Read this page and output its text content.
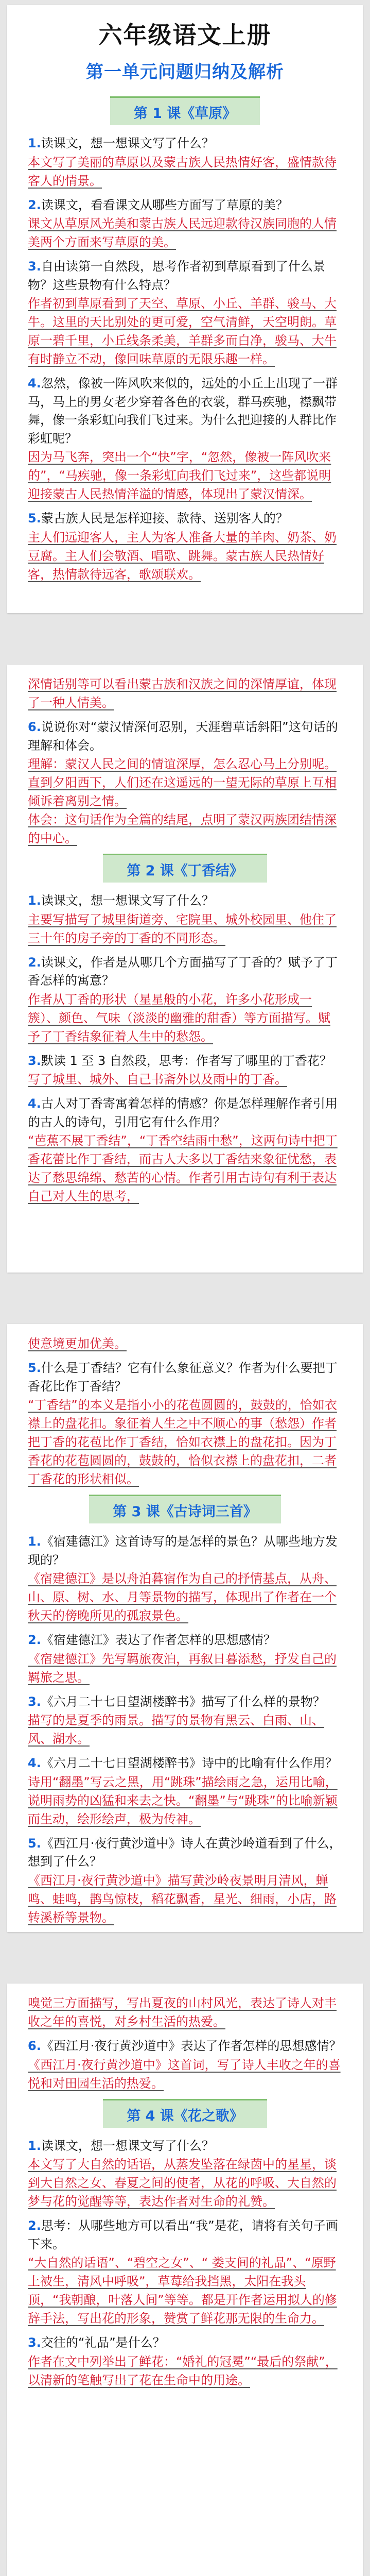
六年级语文上册
第一单元问题归纳及解析
第 1 课《草原》

1.读课文，想一想课文写了什么？

本文写了美丽的草原以及蒙古族人民热情好客，盛情款待客人的情景。

2.读课文，看看课文从哪些方面写了草原的美？

课文从草原风光美和蒙古族人民远迎款待汉族同胞的人情美两个方面来写草原的美。

3.自由读第一自然段，思考作者初到草原看到了什么景物？这些景物有什么特点？

作者初到草原看到了天空、草原、小丘、羊群、骏马、大牛。这里的天比别处的更可爱，空气清鲜，天空明朗。草原一碧千里，小丘线条柔美，羊群多而白净，骏马、大牛有时静立不动，像回味草原的无限乐趣一样。

4.忽然，像被一阵风吹来似的，远处的小丘上出现了一群马，马上的男女老少穿着各色的衣裳，群马疾驰，襟飘带舞，像一条彩虹向我们飞过来。为什么把迎接的人群比作彩虹呢？

因为马飞奔，突出一个“快”字，“忽然，像被一阵风吹来的”，“马疾驰，像一条彩虹向我们飞过来”，这些都说明迎接蒙古人民热情洋溢的情感，体现出了蒙汉情深。

5.蒙古族人民是怎样迎接、款待、送别客人的？

主人们远迎客人，主人为客人准备大量的羊肉、奶茶、奶豆腐。主人们会敬酒、唱歌、跳舞。蒙古族人民热情好客，热情款待远客，歌颂联欢。

深情话别等可以看出蒙古族和汉族之间的深情厚谊，体现了一种人情美。

6.说说你对“蒙汉情深何忍别，天涯碧草话斜阳”这句话的理解和体会。

理解：蒙汉人民之间的情谊深厚，怎么忍心马上分别呢。直到夕阳西下，人们还在这遥远的一望无际的草原上互相倾诉着离别之情。
体会：这句话作为全篇的结尾，点明了蒙汉两族团结情深的中心。

第 2 课《丁香结》

1.读课文，想一想课文写了什么？

主要写描写了城里街道旁、宅院里、城外校园里、他住了三十年的房子旁的丁香的不同形态。

2.读课文，作者是从哪几个方面描写了丁香的？赋予了丁香怎样的寓意？

作者从丁香的形状（星星般的小花，许多小花形成一簇）、颜色、气味（淡淡的幽雅的甜香）等方面描写。赋予了丁香结象征着人生中的愁怨。

3.默读 1 至 3 自然段，思考：作者写了哪里的丁香花？

写了城里、城外、自己书斋外以及雨中的丁香。

4.古人对丁香寄寓着怎样的情感？你是怎样理解作者引用的古人的诗句，引用它有什么作用？

“芭蕉不展丁香结”，“丁香空结雨中愁”，这两句诗中把丁香花蕾比作丁香结，而古人大多以丁香结来象征忧愁，表达了愁思绵绵、愁苦的心情。作者引用古诗句有利于表达自己对人生的思考，

使意境更加优美。

5.什么是丁香结？它有什么象征意义？作者为什么要把丁香花比作丁香结？

“丁香结”的本义是指小小的花苞圆圆的，鼓鼓的，恰如衣襟上的盘花扣。象征着人生之中不顺心的事（愁怨）作者把丁香的花苞比作丁香结，恰如衣襟上的盘花扣。因为丁香花的花苞圆圆的，鼓鼓的，恰似衣襟上的盘花扣，二者丁香花的形状相似。

第 3 课《古诗词三首》

1.《宿建德江》这首诗写的是怎样的景色？从哪些地方发现的？

《宿建德江》是以舟泊暮宿作为自己的抒情基点，从舟、山、原、树、水、月等景物的描写，体现出了作者在一个秋天的傍晚所见的孤寂景色。

2.《宿建德江》表达了作者怎样的思想感情？

《宿建德江》先写羁旅夜泊，再叙日暮添愁，抒发自己的羁旅之思。

3.《六月二十七日望湖楼醉书》描写了什么样的景物？

描写的是夏季的雨景。描写的景物有黑云、白雨、山、风、湖水。

4.《六月二十七日望湖楼醉书》诗中的比喻有什么作用？

诗用“翻墨”写云之黑，用“跳珠”描绘雨之急，运用比喻，说明雨势的凶猛和来去之快。“翻墨”与“跳珠”的比喻新颖而生动，绘形绘声，极为传神。

5.《西江月·夜行黄沙道中》诗人在黄沙岭道看到了什么，想到了什么？

《西江月·夜行黄沙道中》描写黄沙岭夜景明月清风，蝉鸣、蛙鸣，鹊鸟惊枝，稻花飘香，星光、细雨，小店，路转溪桥等景物。

嗅觉三方面描写，写出夏夜的山村风光，表达了诗人对丰收之年的喜悦，对乡村生活的热爱。

6.《西江月·夜行黄沙道中》表达了作者怎样的思想感情？

《西江月·夜行黄沙道中》这首词，写了诗人丰收之年的喜悦和对田园生活的热爱。

第 4 课《花之歌》

1.读课文，想一想课文写了什么？

本文写了大自然的话语，从蒸发坠落在绿茵中的星星，谈到大自然之女、春夏之间的使者，从花的呼吸、大自然的梦与花的觉醒等等，表达作者对生命的礼赞。

2.思考：从哪些地方可以看出“我”是花，请将有关句子画下来。

“大自然的话语”、“碧空之女”、“ 娄支间的礼品”、“原野上被生，清风中呼吸”，草莓给我挡黑，太阳在我头顶，“我朝酿，叶落人间”等等。都是开作者运用拟人的修辞手法，写出花的形象，赞赏了鲜花那无限的生命力。

3.交往的“礼品”是什么？

作者在文中列举出了鲜花：“婚礼的冠冕”“最后的祭献”，以清新的笔触写出了花在生命中的用途。
